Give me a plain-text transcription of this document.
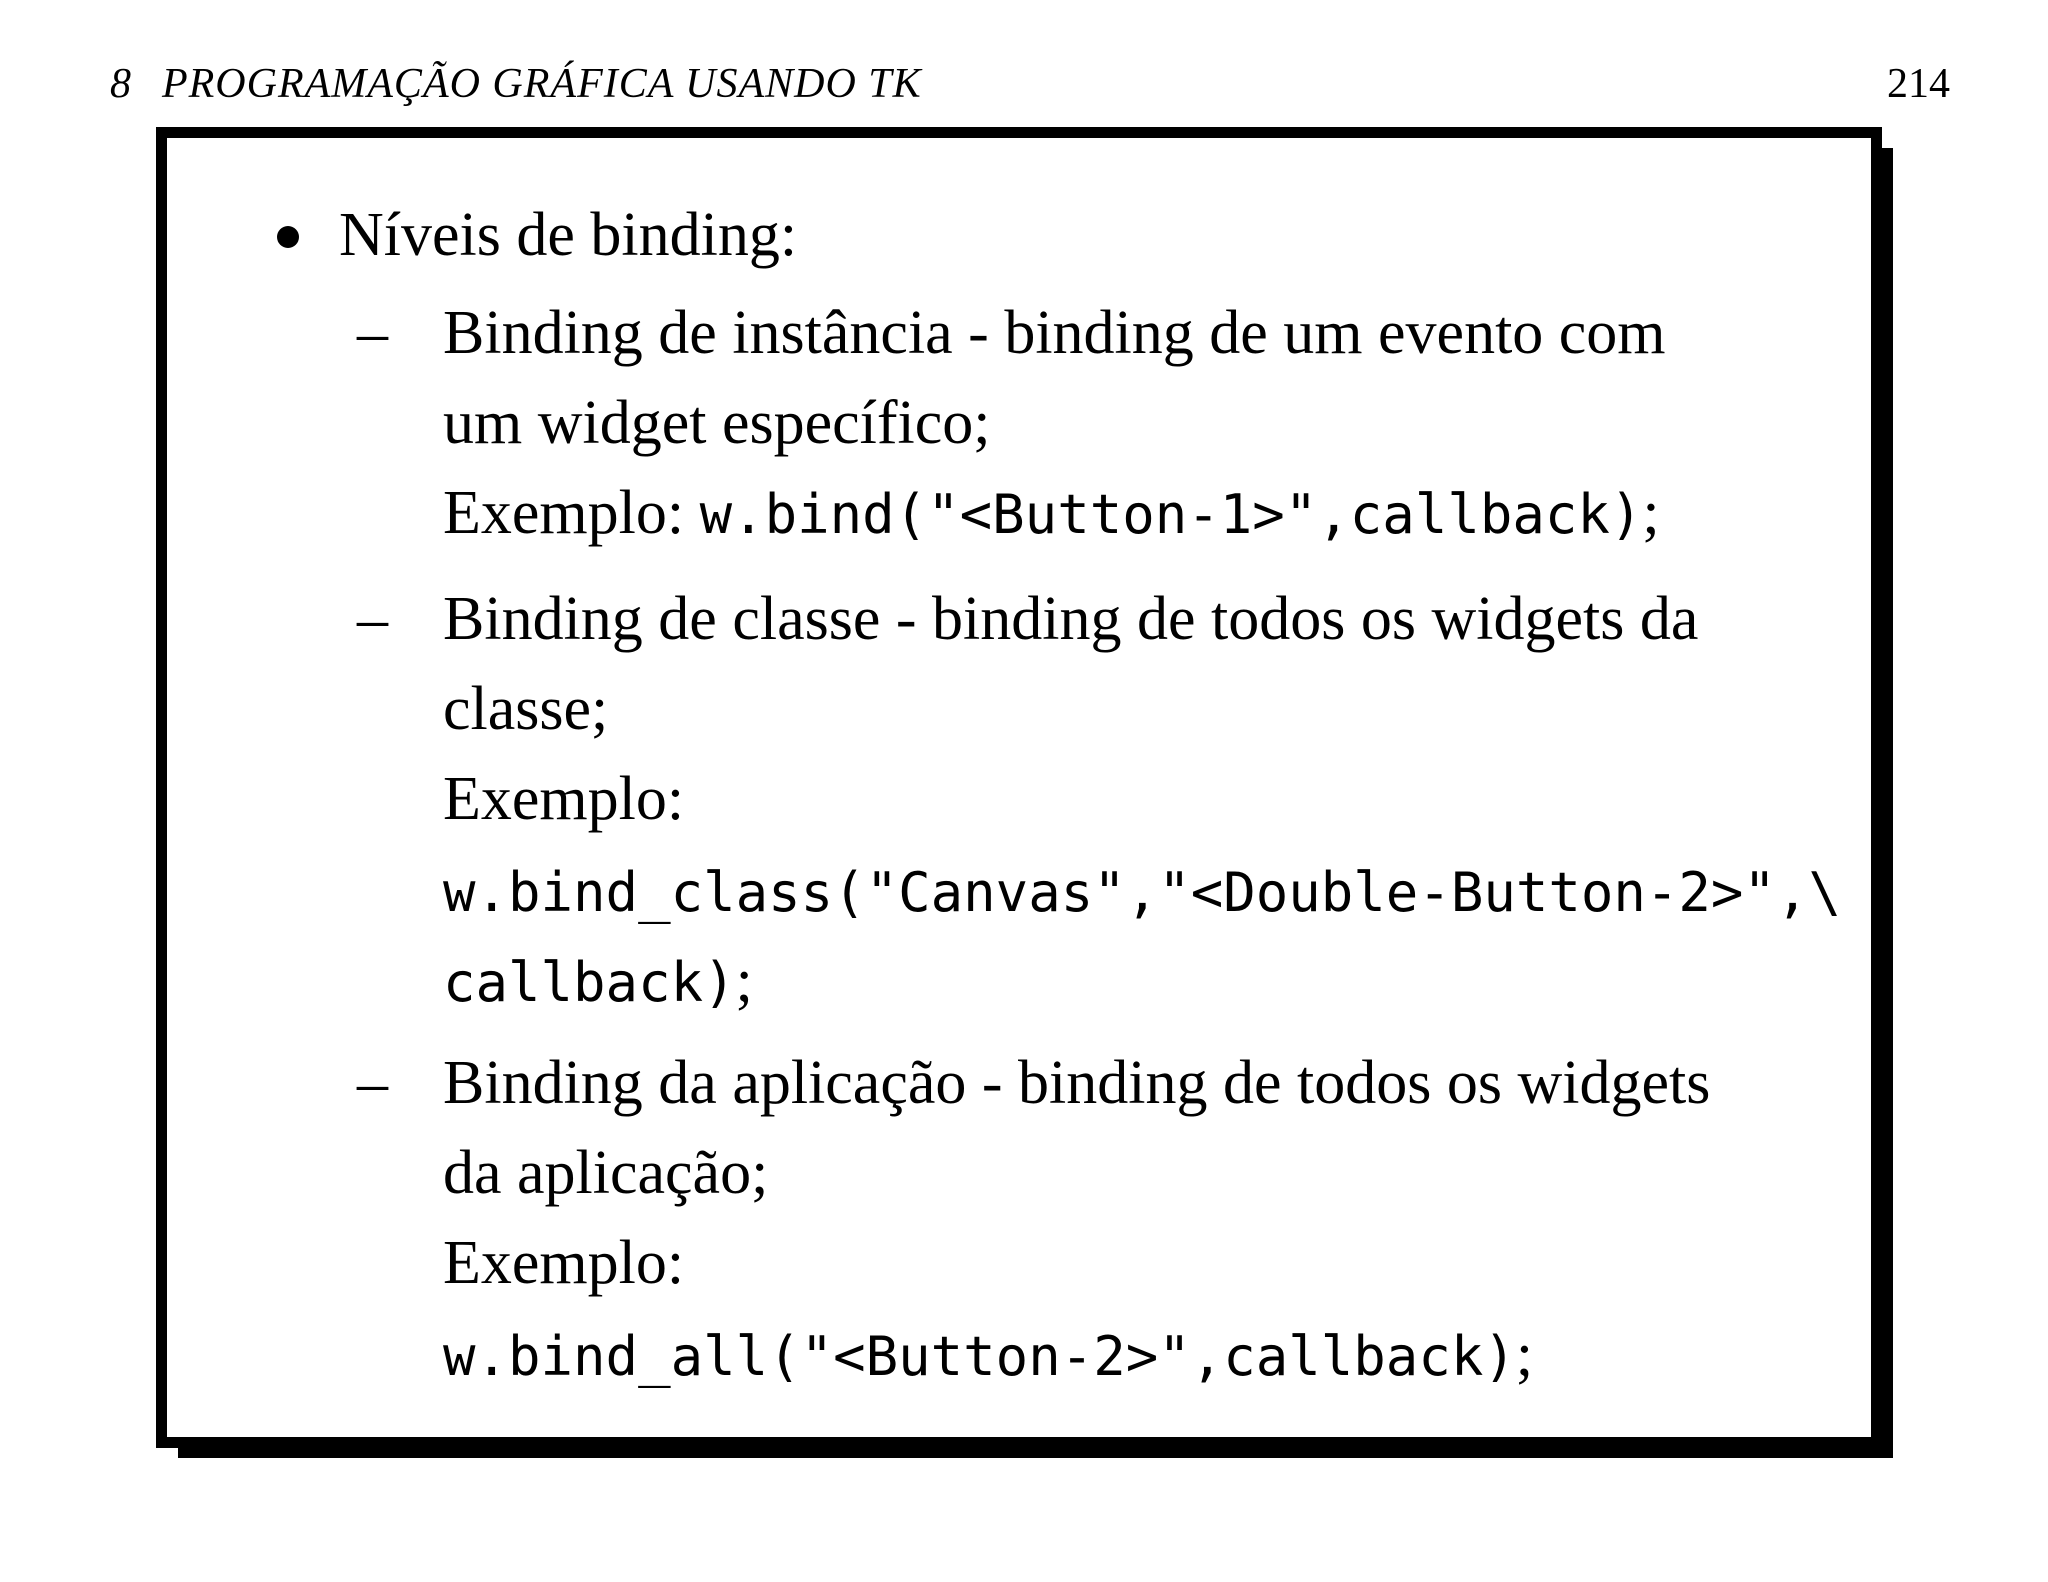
8 PROGRAMAÇÃO GRÁFICA USANDO TK	214
Níveis de binding:
– Binding de instância - binding de um evento com
um widget específico;
Exemplo: w.bind("<Button-1>",callback);
– Binding de classe - binding de todos os widgets da
classe;
Exemplo:
w.bind_class("Canvas","<Double-Button-2>",\
callback);
– Binding da aplicação - binding de todos os widgets
da aplicação;
Exemplo:
w.bind_all("<Button-2>",callback);
